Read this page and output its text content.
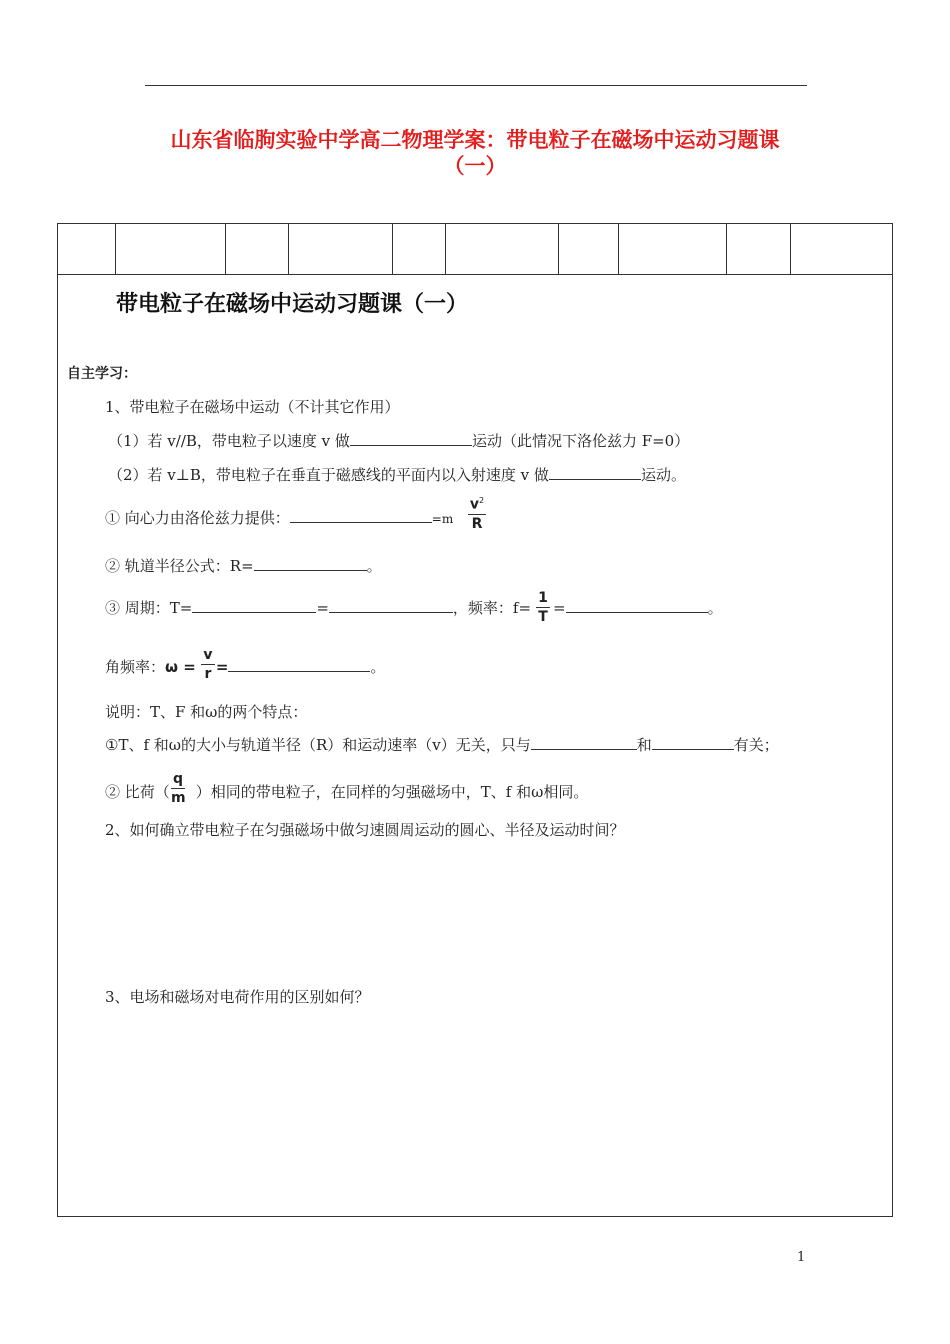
山东省临朐实验中学高二物理学案：带电粒子在磁场中运动习题课
（一）
带电粒子在磁场中运动习题课（一）
自主学习：
1、带电粒子在磁场中运动（不计其它作用）
（1）若 v//B，带电粒子以速度 v 做	运动（此情况下洛伦兹力 F=0）
（2）若 v⊥B，带电粒子在垂直于磁感线的平面内以入射速度 v 做	运动。
① 向心力由洛伦兹力提供：	=m
$v^2$
R
② 轨道半径公式：R=	。
③ 周期：T=	=	，频率：f= =	。
1
T
角频率：ω = =	。
v
r
说明：T、F 和ω的两个特点：
①T、f 和ω的大小与轨道半径（R）和运动速率（v）无关，只与	和	有关；
② 比荷（ ）相同的带电粒子，在同样的匀强磁场中，T、f 和ω相同。
q
m
2、如何确立带电粒子在匀强磁场中做匀速圆周运动的圆心、半径及运动时间？
3、电场和磁场对电荷作用的区别如何？
1
